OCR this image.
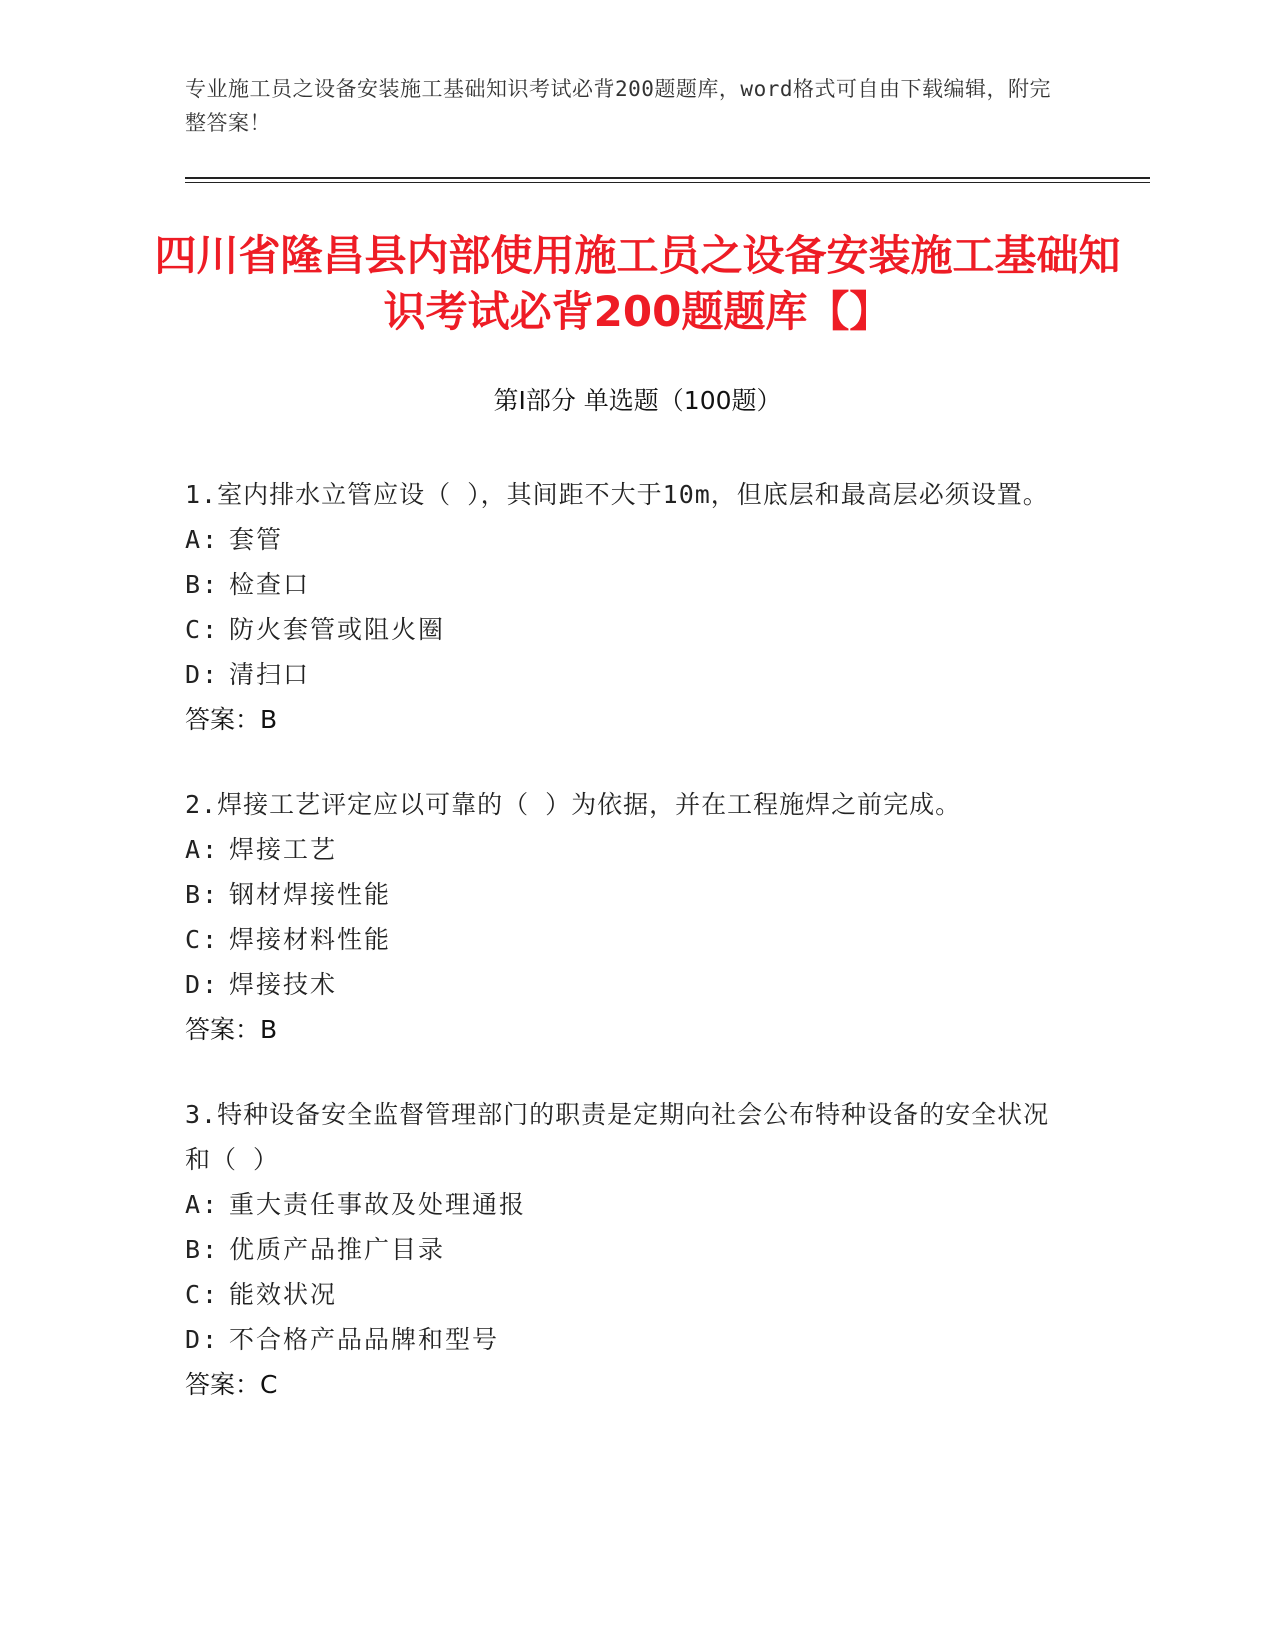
专业施工员之设备安装施工基础知识考试必背200题题库，word格式可自由下载编辑，附完整答案！
四川省隆昌县内部使用施工员之设备安装施工基础知识考试必背200题题库【】
第I部分 单选题（100题）

1.室内排水立管应设（ ），其间距不大于10m，但底层和最高层必须设置。

A: 套管

B: 检查口

C: 防火套管或阻火圈

D: 清扫口

答案： B

2.焊接工艺评定应以可靠的（ ）为依据，并在工程施焊之前完成。

A: 焊接工艺

B: 钢材焊接性能

C: 焊接材料性能

D: 焊接技术

答案： B

3.特种设备安全监督管理部门的职责是定期向社会公布特种设备的安全状况和（ ）

A: 重大责任事故及处理通报

B: 优质产品推广目录

C: 能效状况

D: 不合格产品品牌和型号

答案： C
